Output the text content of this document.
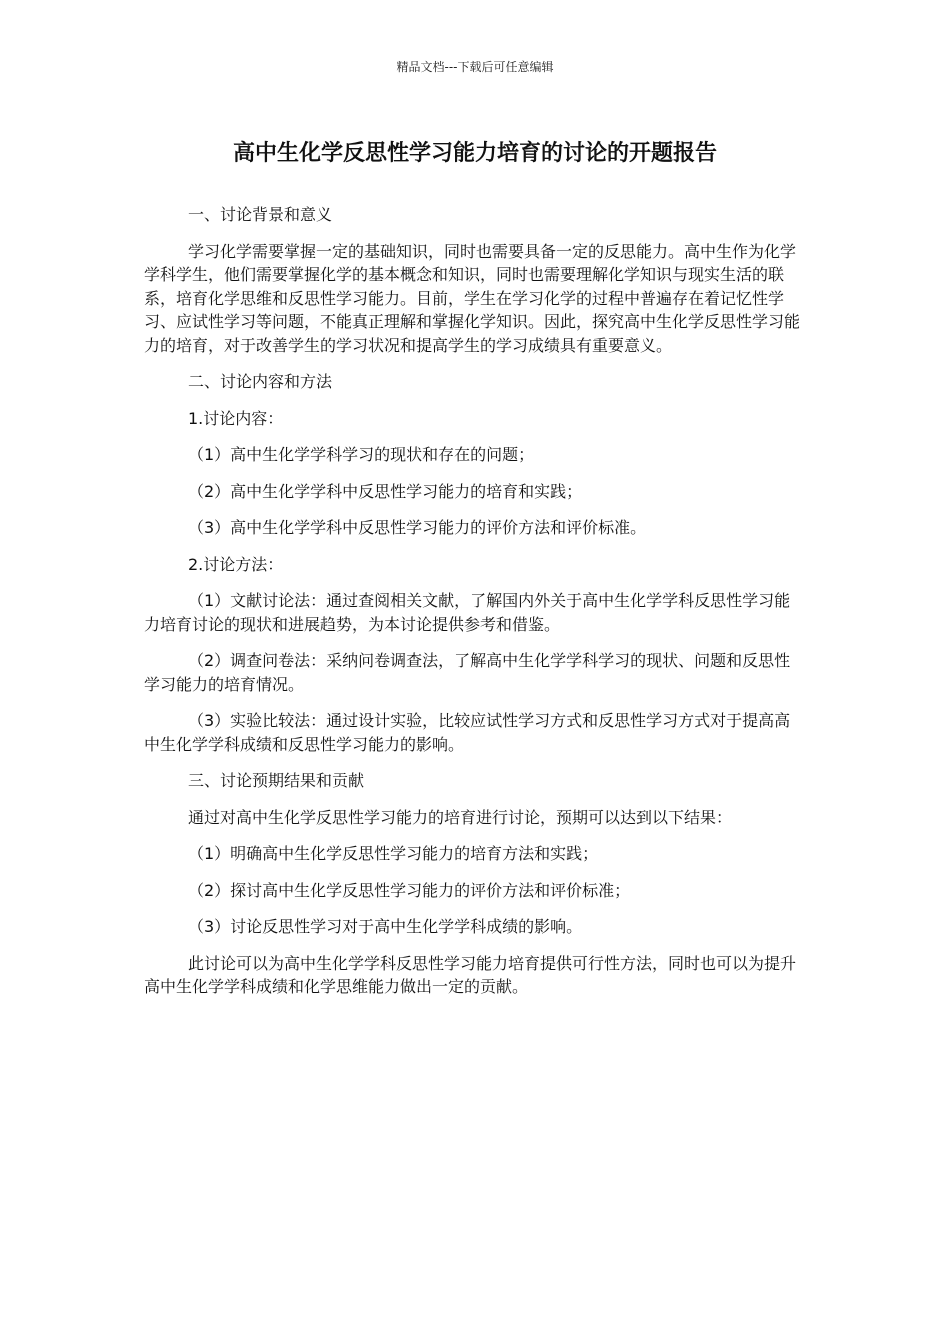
精品文档---下载后可任意编辑
高中生化学反思性学习能力培育的讨论的开题报告

一、讨论背景和意义

学习化学需要掌握一定的基础知识，同时也需要具备一定的反思能力。高中生作为化学学科学生，他们需要掌握化学的基本概念和知识，同时也需要理解化学知识与现实生活的联系，培育化学思维和反思性学习能力。目前，学生在学习化学的过程中普遍存在着记忆性学习、应试性学习等问题，不能真正理解和掌握化学知识。因此，探究高中生化学反思性学习能力的培育，对于改善学生的学习状况和提高学生的学习成绩具有重要意义。

二、讨论内容和方法

1.讨论内容：

（1）高中生化学学科学习的现状和存在的问题；

（2）高中生化学学科中反思性学习能力的培育和实践；

（3）高中生化学学科中反思性学习能力的评价方法和评价标准。

2.讨论方法：

（1）文献讨论法：通过查阅相关文献，了解国内外关于高中生化学学科反思性学习能力培育讨论的现状和进展趋势，为本讨论提供参考和借鉴。

（2）调查问卷法：采纳问卷调查法，了解高中生化学学科学习的现状、问题和反思性学习能力的培育情况。

（3）实验比较法：通过设计实验，比较应试性学习方式和反思性学习方式对于提高高中生化学学科成绩和反思性学习能力的影响。

三、讨论预期结果和贡献

通过对高中生化学反思性学习能力的培育进行讨论，预期可以达到以下结果：

（1）明确高中生化学反思性学习能力的培育方法和实践；

（2）探讨高中生化学反思性学习能力的评价方法和评价标准；

（3）讨论反思性学习对于高中生化学学科成绩的影响。

此讨论可以为高中生化学学科反思性学习能力培育提供可行性方法，同时也可以为提升高中生化学学科成绩和化学思维能力做出一定的贡献。
